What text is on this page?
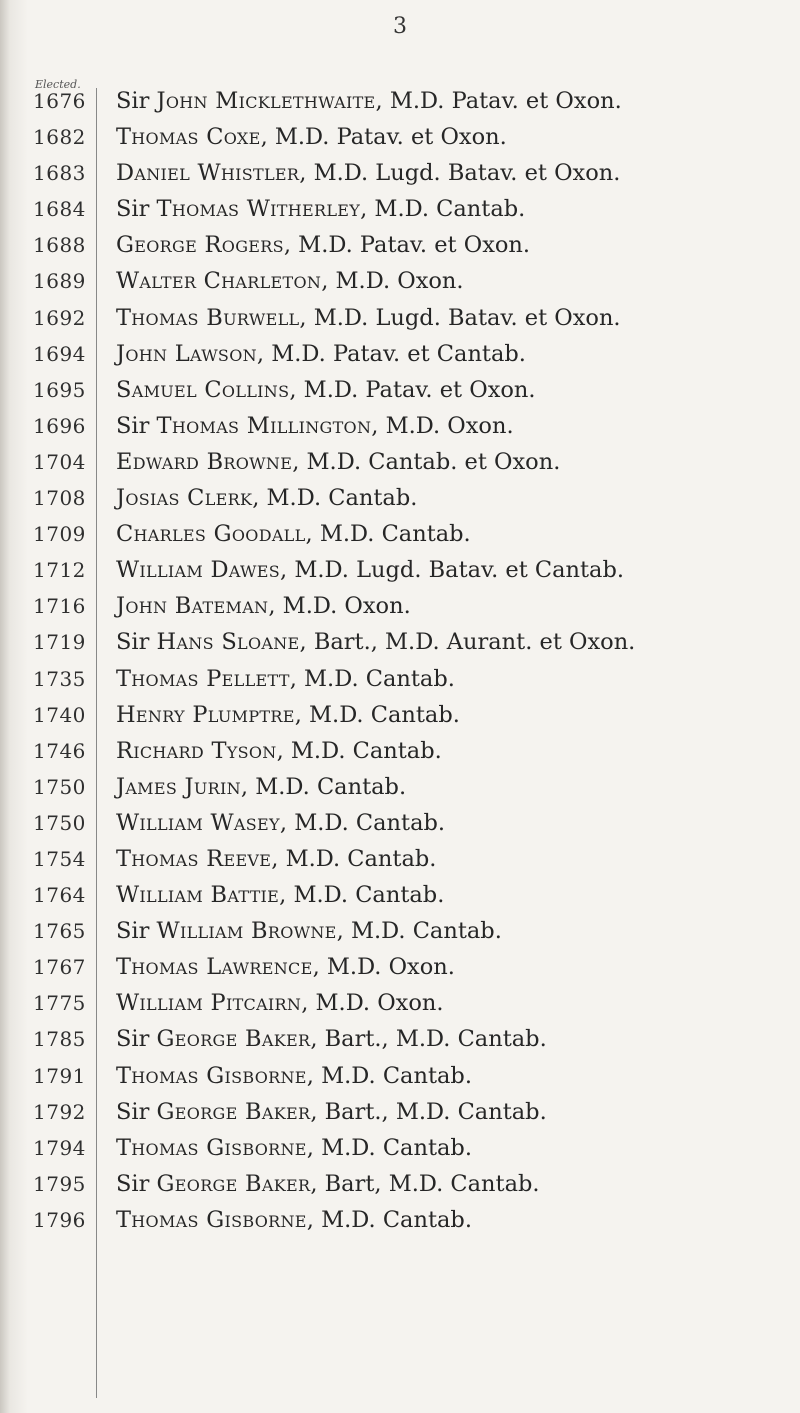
3
Elected.
1676	Sir John Micklethwaite, M.D. Patav. et Oxon.
1682	Thomas Coxe, M.D. Patav. et Oxon.
1683	Daniel Whistler, M.D. Lugd. Batav. et Oxon.
1684	Sir Thomas Witherley, M.D. Cantab.
1688	George Rogers, M.D. Patav. et Oxon.
1689	Walter Charleton, M.D. Oxon.
1692	Thomas Burwell, M.D. Lugd. Batav. et Oxon.
1694	John Lawson, M.D. Patav. et Cantab.
1695	Samuel Collins, M.D. Patav. et Oxon.
1696	Sir Thomas Millington, M.D. Oxon.
1704	Edward Browne, M.D. Cantab. et Oxon.
1708	Josias Clerk, M.D. Cantab.
1709	Charles Goodall, M.D. Cantab.
1712	William Dawes, M.D. Lugd. Batav. et Cantab.
1716	John Bateman, M.D. Oxon.
1719	Sir Hans Sloane, Bart., M.D. Aurant. et Oxon.
1735	Thomas Pellett, M.D. Cantab.
1740	Henry Plumptre, M.D. Cantab.
1746	Richard Tyson, M.D. Cantab.
1750	James Jurin, M.D. Cantab.
1750	William Wasey, M.D. Cantab.
1754	Thomas Reeve, M.D. Cantab.
1764	William Battie, M.D. Cantab.
1765	Sir William Browne, M.D. Cantab.
1767	Thomas Lawrence, M.D. Oxon.
1775	William Pitcairn, M.D. Oxon.
1785	Sir George Baker, Bart., M.D. Cantab.
1791	Thomas Gisborne, M.D. Cantab.
1792	Sir George Baker, Bart., M.D. Cantab.
1794	Thomas Gisborne, M.D. Cantab.
1795	Sir George Baker, Bart, M.D. Cantab.
1796	Thomas Gisborne, M.D. Cantab.
